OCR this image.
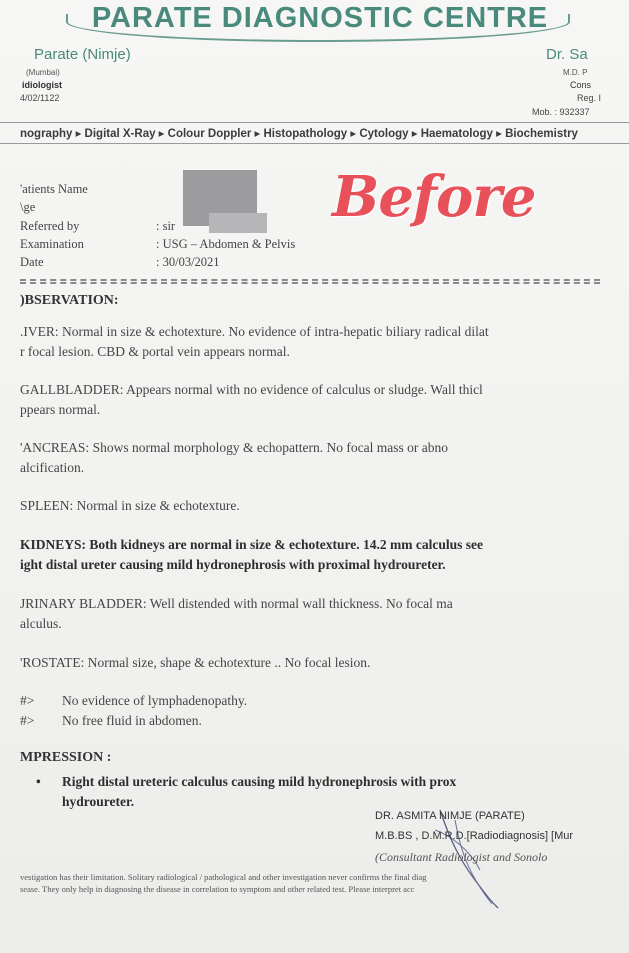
PARATE DIAGNOSTIC CENTRE
Parate (Nimje)
(Mumbai)
idiologist
4/02/1122
Dr. Sa
M.D. P
Cons
Reg. I
Mob. : 932337
nography ▸ Digital X-Ray ▸ Colour Doppler ▸ Histopathology ▸ Cytology ▸ Haematology ▸ Biochemistry
'atients Name
\ge
Referred by	: sir
Examination	: USG – Abdomen & Pelvis
Date	: 30/03/2021
Before
)BSERVATION:
.IVER: Normal in size & echotexture. No evidence of intra-hepatic biliary radical dilat
r focal lesion. CBD & portal vein appears normal.
GALLBLADDER: Appears normal with no evidence of calculus or sludge. Wall thicl
ppears normal.
'ANCREAS: Shows normal morphology & echopattern. No focal mass or abno
alcification.
SPLEEN: Normal in size & echotexture.
KIDNEYS: Both kidneys are normal in size & echotexture. 14.2 mm calculus see
ight distal ureter causing mild hydronephrosis with proximal hydroureter.
JRINARY BLADDER: Well distended with normal wall thickness. No focal ma
alculus.
'ROSTATE: Normal size, shape & echotexture .. No focal lesion.
#> No evidence of lymphadenopathy.
#> No free fluid in abdomen.
MPRESSION :
• Right distal ureteric calculus causing mild hydronephrosis with prox
hydroureter.
DR. ASMITA NIMJE (PARATE)
M.B.BS , D.M.R.D.[Radiodiagnosis] [Mur
(Consultant Radiologist and Sonolo
vestigation has their limitation. Solitary radiological / pathological and other investigation never confirms the final diag
sease. They only help in diagnosing the disease in correlation to symptom and other related test. Please interpret acc
